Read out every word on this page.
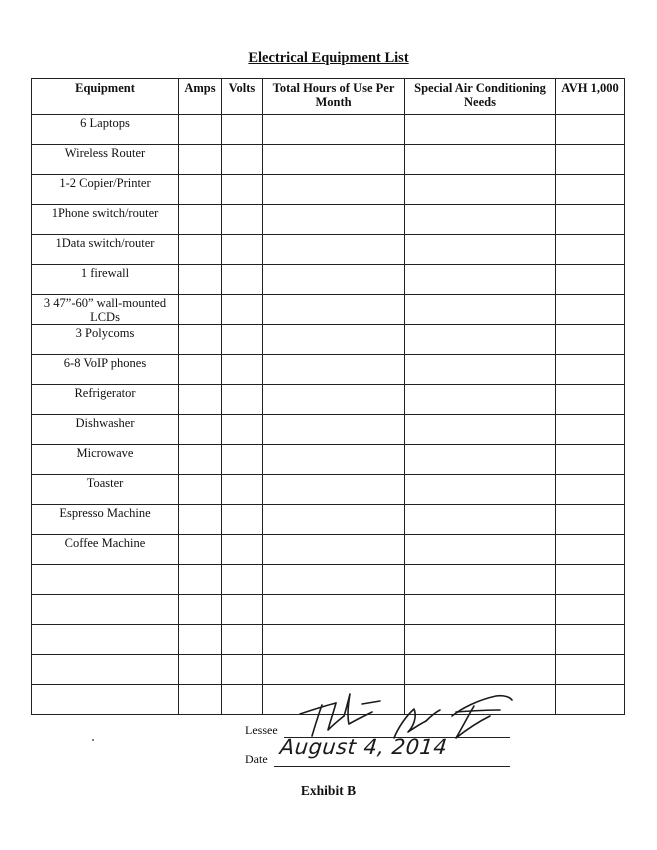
Electrical Equipment List
Equipment	Amps	Volts	Total Hours of Use Per Month	Special Air Conditioning Needs	AVH 1,000
6 Laptops					
Wireless Router					
1-2 Copier/Printer					
1Phone switch/router					
1Data switch/router					
1 firewall					
3 47”-60” wall-mounted LCDs					
3 Polycoms					
6-8 VoIP phones					
Refrigerator					
Dishwasher					
Microwave					
Toaster					
Espresso Machine					
Coffee Machine					

Lessee
Date August 4, 2014
Exhibit B
